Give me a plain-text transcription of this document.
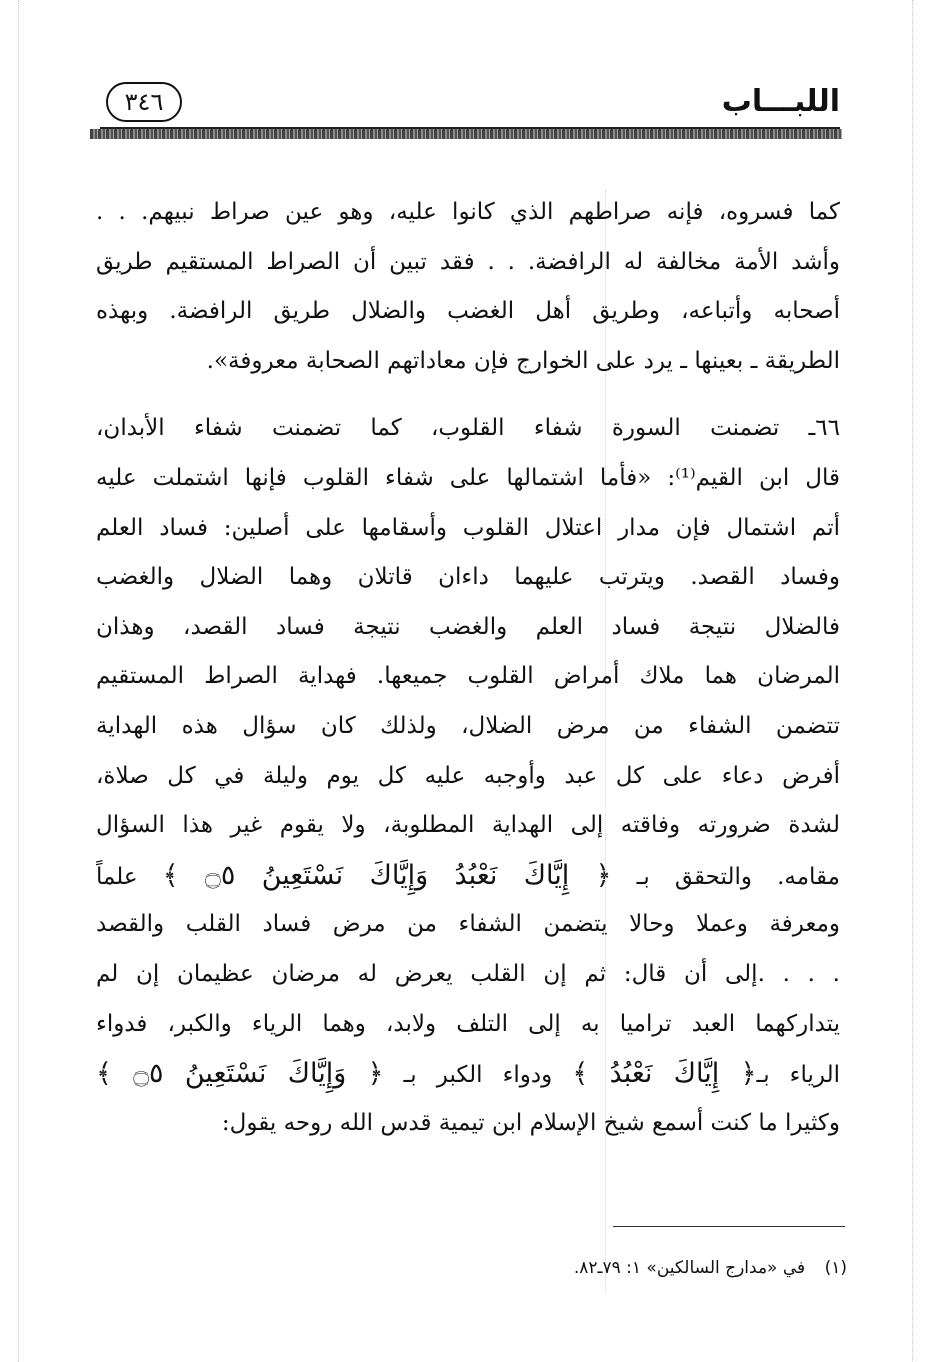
اللبـــاب
٣٤٦
كما فسروه، فإنه صراطهم الذي كانوا عليه، وهو عين صراط نبيهم. . .
وأشد الأمة مخالفة له الرافضة. . . فقد تبين أن الصراط المستقيم طريق
أصحابه وأتباعه، وطريق أهل الغضب والضلال طريق الرافضة. وبهذه
الطريقة ـ بعينها ـ يرد على الخوارج فإن معاداتهم الصحابة معروفة».
٦٦ـ تضمنت السورة شفاء القلوب، كما تضمنت شفاء الأبدان،
قال ابن القيم⁽¹⁾: «فأما اشتمالها على شفاء القلوب فإنها اشتملت عليه
أتم اشتمال فإن مدار اعتلال القلوب وأسقامها على أصلين: فساد العلم
وفساد القصد. ويترتب عليهما داءان قاتلان وهما الضلال والغضب
فالضلال نتيجة فساد العلم والغضب نتيجة فساد القصد، وهذان
المرضان هما ملاك أمراض القلوب جميعها. فهداية الصراط المستقيم
تتضمن الشفاء من مرض الضلال، ولذلك كان سؤال هذه الهداية
أفرض دعاء على كل عبد وأوجبه عليه كل يوم وليلة في كل صلاة،
لشدة ضرورته وفاقته إلى الهداية المطلوبة، ولا يقوم غير هذا السؤال
مقامه. والتحقق بـ ﴿ إِيَّاكَ نَعْبُدُ وَإِيَّاكَ نَسْتَعِينُ ۝٥ ﴾ علماً
ومعرفة وعملا وحالا يتضمن الشفاء من مرض فساد القلب والقصد
. . . .إلى أن قال: ثم إن القلب يعرض له مرضان عظيمان إن لم
يتداركهما العبد تراميا به إلى التلف ولابد، وهما الرياء والكبر، فدواء
الرياء بـ﴿ إِيَّاكَ نَعْبُدُ ﴾ ودواء الكبر بـ ﴿ وَإِيَّاكَ نَسْتَعِينُ ۝٥ ﴾
وكثيرا ما كنت أسمع شيخ الإسلام ابن تيمية قدس الله روحه يقول:
(١) في «مدارج السالكين» ١: ٧٩ـ٨٢.
